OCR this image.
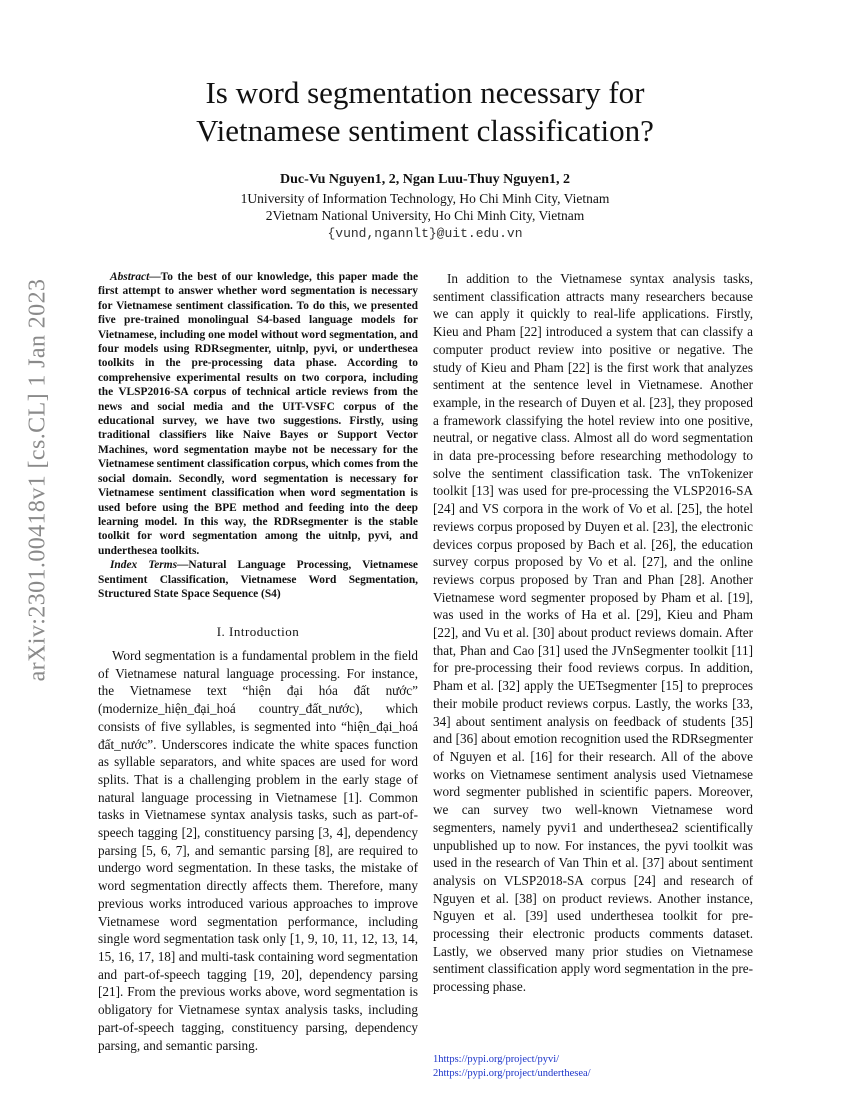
arXiv:2301.00418v1 [cs.CL] 1 Jan 2023
Is word segmentation necessary for
Vietnamese sentiment classification?
Duc-Vu Nguyen1, 2, Ngan Luu-Thuy Nguyen1, 2
1University of Information Technology, Ho Chi Minh City, Vietnam
2Vietnam National University, Ho Chi Minh City, Vietnam
{vund,ngannlt}@uit.edu.vn

Abstract—To the best of our knowledge, this paper made the first attempt to answer whether word segmentation is necessary for Vietnamese sentiment classification. To do this, we presented five pre-trained monolingual S4-based language models for Vietnamese, including one model without word segmentation, and four models using RDRsegmenter, uitnlp, pyvi, or underthesea toolkits in the pre-processing data phase. According to comprehensive experimental results on two corpora, including the VLSP2016-SA corpus of technical article reviews from the news and social media and the UIT-VSFC corpus of the educational survey, we have two suggestions. Firstly, using traditional classifiers like Naive Bayes or Support Vector Machines, word segmentation maybe not be necessary for the Vietnamese sentiment classification corpus, which comes from the social domain. Secondly, word segmentation is necessary for Vietnamese sentiment classification when word segmentation is used before using the BPE method and feeding into the deep learning model. In this way, the RDRsegmenter is the stable toolkit for word segmentation among the uitnlp, pyvi, and underthesea toolkits.

Index Terms—Natural Language Processing, Vietnamese Sentiment Classification, Vietnamese Word Segmentation, Structured State Space Sequence (S4)

I. Introduction

Word segmentation is a fundamental problem in the field of Vietnamese natural language processing. For instance, the Vietnamese text “hiện đại hóa đất nước” (modernize_hiện_đại_hoá country_đất_nước), which consists of five syllables, is segmented into “hiện_đại_hoá đất_nước”. Underscores indicate the white spaces function as syllable separators, and white spaces are used for word splits. That is a challenging problem in the early stage of natural language processing in Vietnamese [1]. Common tasks in Vietnamese syntax analysis tasks, such as part-of-speech tagging [2], constituency parsing [3, 4], dependency parsing [5, 6, 7], and semantic parsing [8], are required to undergo word segmentation. In these tasks, the mistake of word segmentation directly affects them. Therefore, many previous works introduced various approaches to improve Vietnamese word segmentation performance, including single word segmentation task only [1, 9, 10, 11, 12, 13, 14, 15, 16, 17, 18] and multi-task containing word segmentation and part-of-speech tagging [19, 20], dependency parsing [21]. From the previous works above, word segmentation is obligatory for Vietnamese syntax analysis tasks, including part-of-speech tagging, constituency parsing, dependency parsing, and semantic parsing.

In addition to the Vietnamese syntax analysis tasks, sentiment classification attracts many researchers because we can apply it quickly to real-life applications. Firstly, Kieu and Pham [22] introduced a system that can classify a computer product review into positive or negative. The study of Kieu and Pham [22] is the first work that analyzes sentiment at the sentence level in Vietnamese. Another example, in the research of Duyen et al. [23], they proposed a framework classifying the hotel review into one positive, neutral, or negative class. Almost all do word segmentation in data pre-processing before researching methodology to solve the sentiment classification task. The vnTokenizer toolkit [13] was used for pre-processing the VLSP2016-SA [24] and VS corpora in the work of Vo et al. [25], the hotel reviews corpus proposed by Duyen et al. [23], the electronic devices corpus proposed by Bach et al. [26], the education survey corpus proposed by Vo et al. [27], and the online reviews corpus proposed by Tran and Phan [28]. Another Vietnamese word segmenter proposed by Pham et al. [19], was used in the works of Ha et al. [29], Kieu and Pham [22], and Vu et al. [30] about product reviews domain. After that, Phan and Cao [31] used the JVnSegmenter toolkit [11] for pre-processing their food reviews corpus. In addition, Pham et al. [32] apply the UETsegmenter [15] to preproces their mobile product reviews corpus. Lastly, the works [33, 34] about sentiment analysis on feedback of students [35] and [36] about emotion recognition used the RDRsegmenter of Nguyen et al. [16] for their research. All of the above works on Vietnamese sentiment analysis used Vietnamese word segmenter published in scientific papers. Moreover, we can survey two well-known Vietnamese word segmenters, namely pyvi1 and underthesea2 scientifically unpublished up to now. For instances, the pyvi toolkit was used in the research of Van Thin et al. [37] about sentiment analysis on VLSP2018-SA corpus [24] and research of Nguyen et al. [38] on product reviews. Another instance, Nguyen et al. [39] used underthesea toolkit for pre-processing their electronic products comments dataset. Lastly, we observed many prior studies on Vietnamese sentiment classification apply word segmentation in the pre-processing phase.

1https://pypi.org/project/pyvi/
2https://pypi.org/project/underthesea/
